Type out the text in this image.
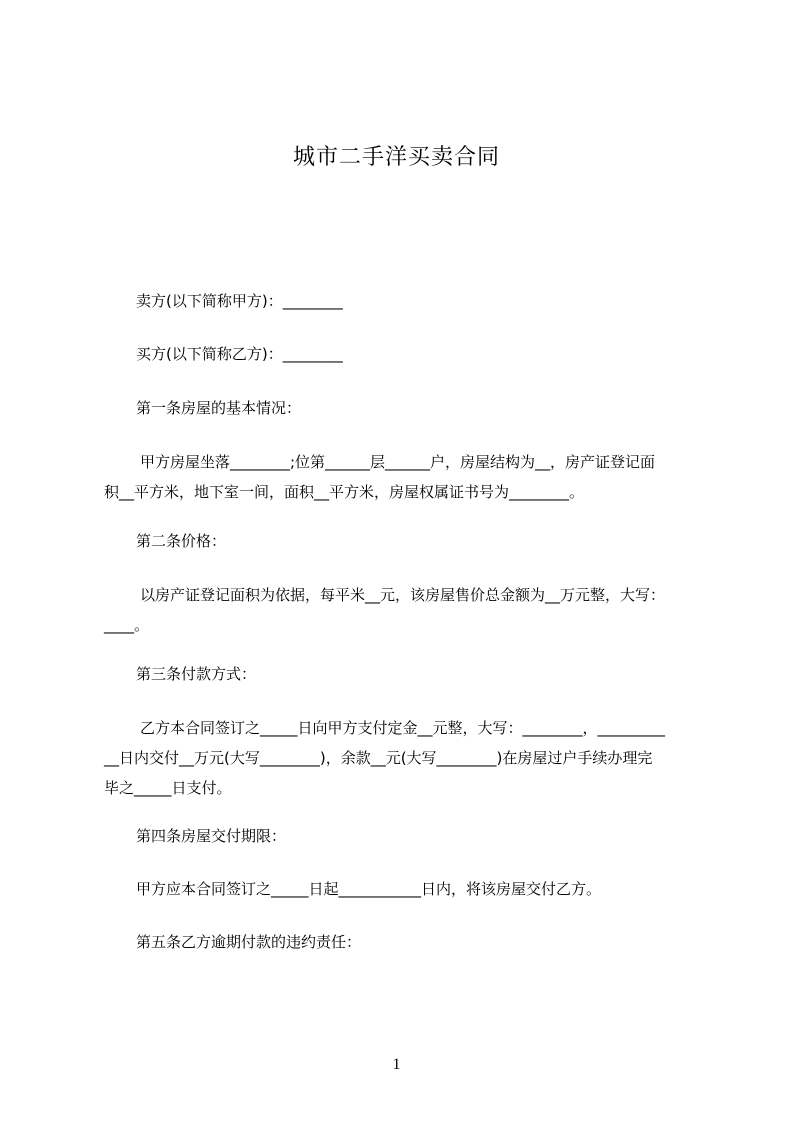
城市二手洋买卖合同

卖方(以下简称甲方)：________

买方(以下简称乙方)：________

第一条房屋的基本情况：

甲方房屋坐落________;位第______层______户，房屋结构为__，房产证登记面
积__平方米，地下室一间，面积__平方米，房屋权属证书号为________。

第二条价格：

以房产证登记面积为依据，每平米__元，该房屋售价总金额为__万元整，大写：
____。

第三条付款方式：

乙方本合同签订之_____日向甲方支付定金__元整，大写：________，_________
__日内交付__万元(大写________)，余款__元(大写________)在房屋过户手续办理完
毕之_____日支付。

第四条房屋交付期限：

甲方应本合同签订之_____日起___________日内，将该房屋交付乙方。

第五条乙方逾期付款的违约责任：

1
